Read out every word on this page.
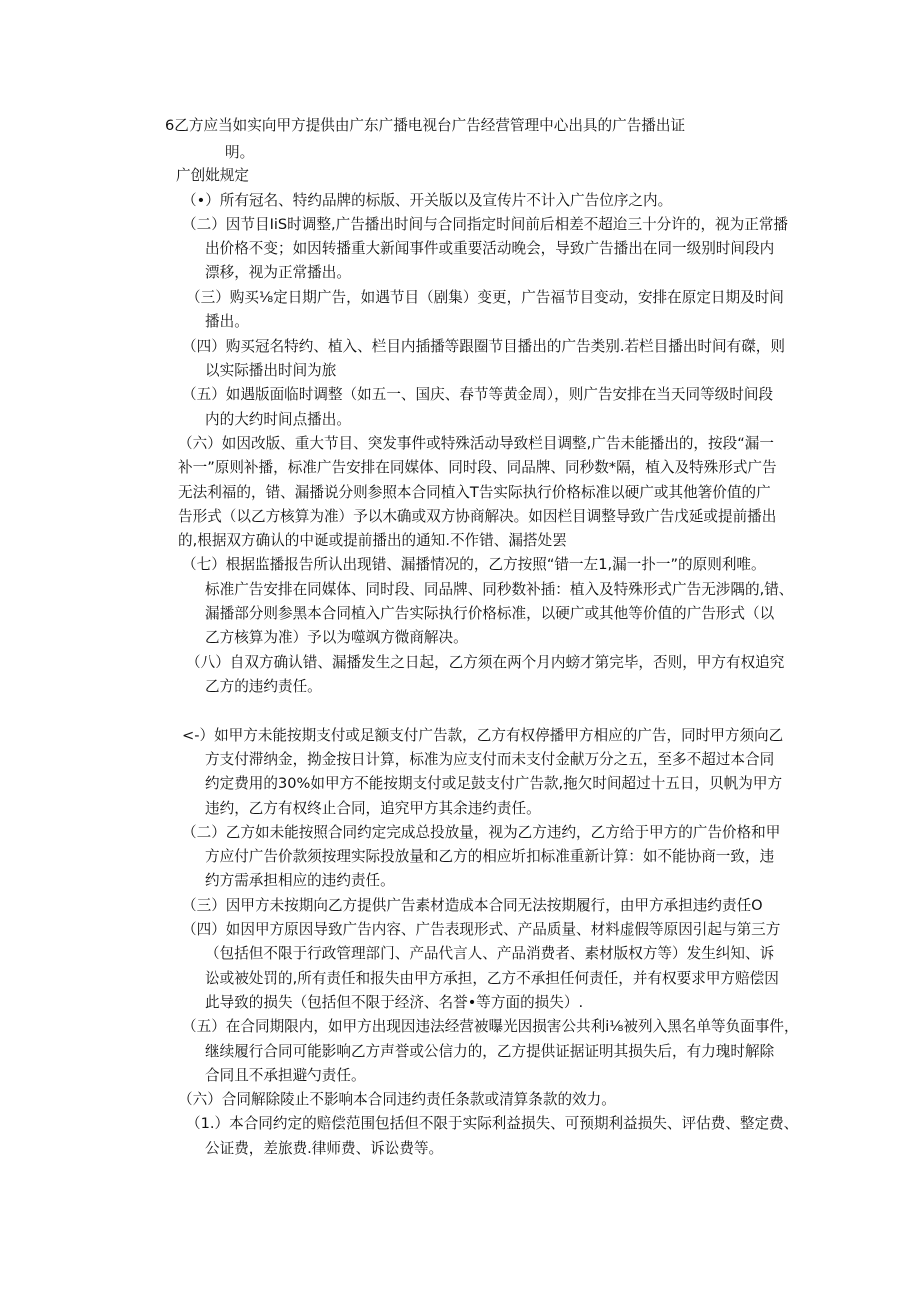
6乙方应当如实向甲方提供由广东广播电视台广告经营管理中心出具的广告播出证
明。
广创妣规定
（•）所有冠名、特约品牌的标版、开关版以及宣传片不计入广告位序之内。
（二）因节目IiS时调整,广告播出时间与合同指定时间前后相差不超迨三十分许的，视为正常播
出价格不变；如因转播重大新闻事件或重要活动晚会，导致广告播出在同一级别时间段内
漂移，视为正常播出。
（三）购买⅛定日期广告，如遇节目（剧集）变更，广告福节目变动，安排在原定日期及时间
播出。
（四）购买冠名特约、植入、栏目内插播等跟圈节目播出的广告类别.若栏目播出时间有磔，则
以实际播出时间为旅
（五）如遇版面临时调整（如五一、国庆、春节等黄金周），则广告安排在当天同等级时间段
内的大约时间点播出。
（六）如因改版、重大节目、突发事件或特殊活动导致栏目调整,广告未能播出的，按段“漏一
补一”原则补播，标准广告安排在同媒体、同时段、同品牌、同秒数*隔，植入及特殊形式广告
无法利福的，错、漏播说分则参照本合同植入T告实际执行价格标准以硬广或其他箸价值的广
告形式（以乙方核算为准）予以木确或双方协商解决。如因栏目调整导致广告戊延或提前播出
的,根据双方确认的中诞或提前播出的通知.不作错、漏搭处罢
（七）根据监播报告所认出现错、漏播情况的，乙方按照“错一左1,漏一扑一”的原则利唯。
标准广告安排在同媒体、同时段、同品牌、同秒数补插：植入及特殊形式广告无涉隅的,错、
漏播部分则参黑本合同植入广告实际执行价格标准，以硬广或其他等价值的广告形式（以
乙方核算为准）予以为噬飒方微商解决。
（八）自双方确认错、漏播发生之日起，乙方须在两个月内螃才第完毕，否则，甲方有权追究
乙方的违约责任。
<-）如甲方未能按期支付或足额支付广告款，乙方有权停播甲方相应的广告，同时甲方须向乙
方支付滞纳金，拗金按日计算，标准为应支付而未支付金献万分之五，至多不超过本合同
约定费用的30%如甲方不能按期支付或足鼓支付广告款,拖欠时间超过十五日，贝帆为甲方
违约，乙方有权终止合同，追究甲方其余违约责任。
（二）乙方如未能按照合同约定完成总投放量，视为乙方违约，乙方给于甲方的广告价格和甲
方应付广告价款须按理实际投放量和乙方的相应圻扣标准重新计算：如不能协商一致，违
约方需承担相应的违约责任。
（三）因甲方未按期向乙方提供广告素材造成本合同无法按期履行，由甲方承担违约责任O
（四）如因甲方原因导致广告内容、广告表现形式、产品质量、材料虚假等原因引起与第三方
（包括但不限于行政管理部门、产品代言人、产品消费者、素材版权方等）发生纠知、诉
讼或被处罚的,所有责任和报失由甲方承担，乙方不承担任何责任，并有权要求甲方赔偿因
此导致的损失（包括但不限于经济、名誉•等方面的损失）.
（五）在合同期限内，如甲方出现因违法经营被曝光因损害公共利i⅛被列入黑名单等负面事件，
继续履行合同可能影响乙方声誉或公信力的，乙方提供证据证明其损失后，有力瑰时解除
合同且不承担避勺责任。
（六）合同解除陵止不影响本合同违约责任条款或清算条款的效力。
（1.）本合同约定的赔偿范围包括但不限于实际利益损失、可预期利益损失、评估费、整定费、
公证费，差旅费.律师费、诉讼费等。
